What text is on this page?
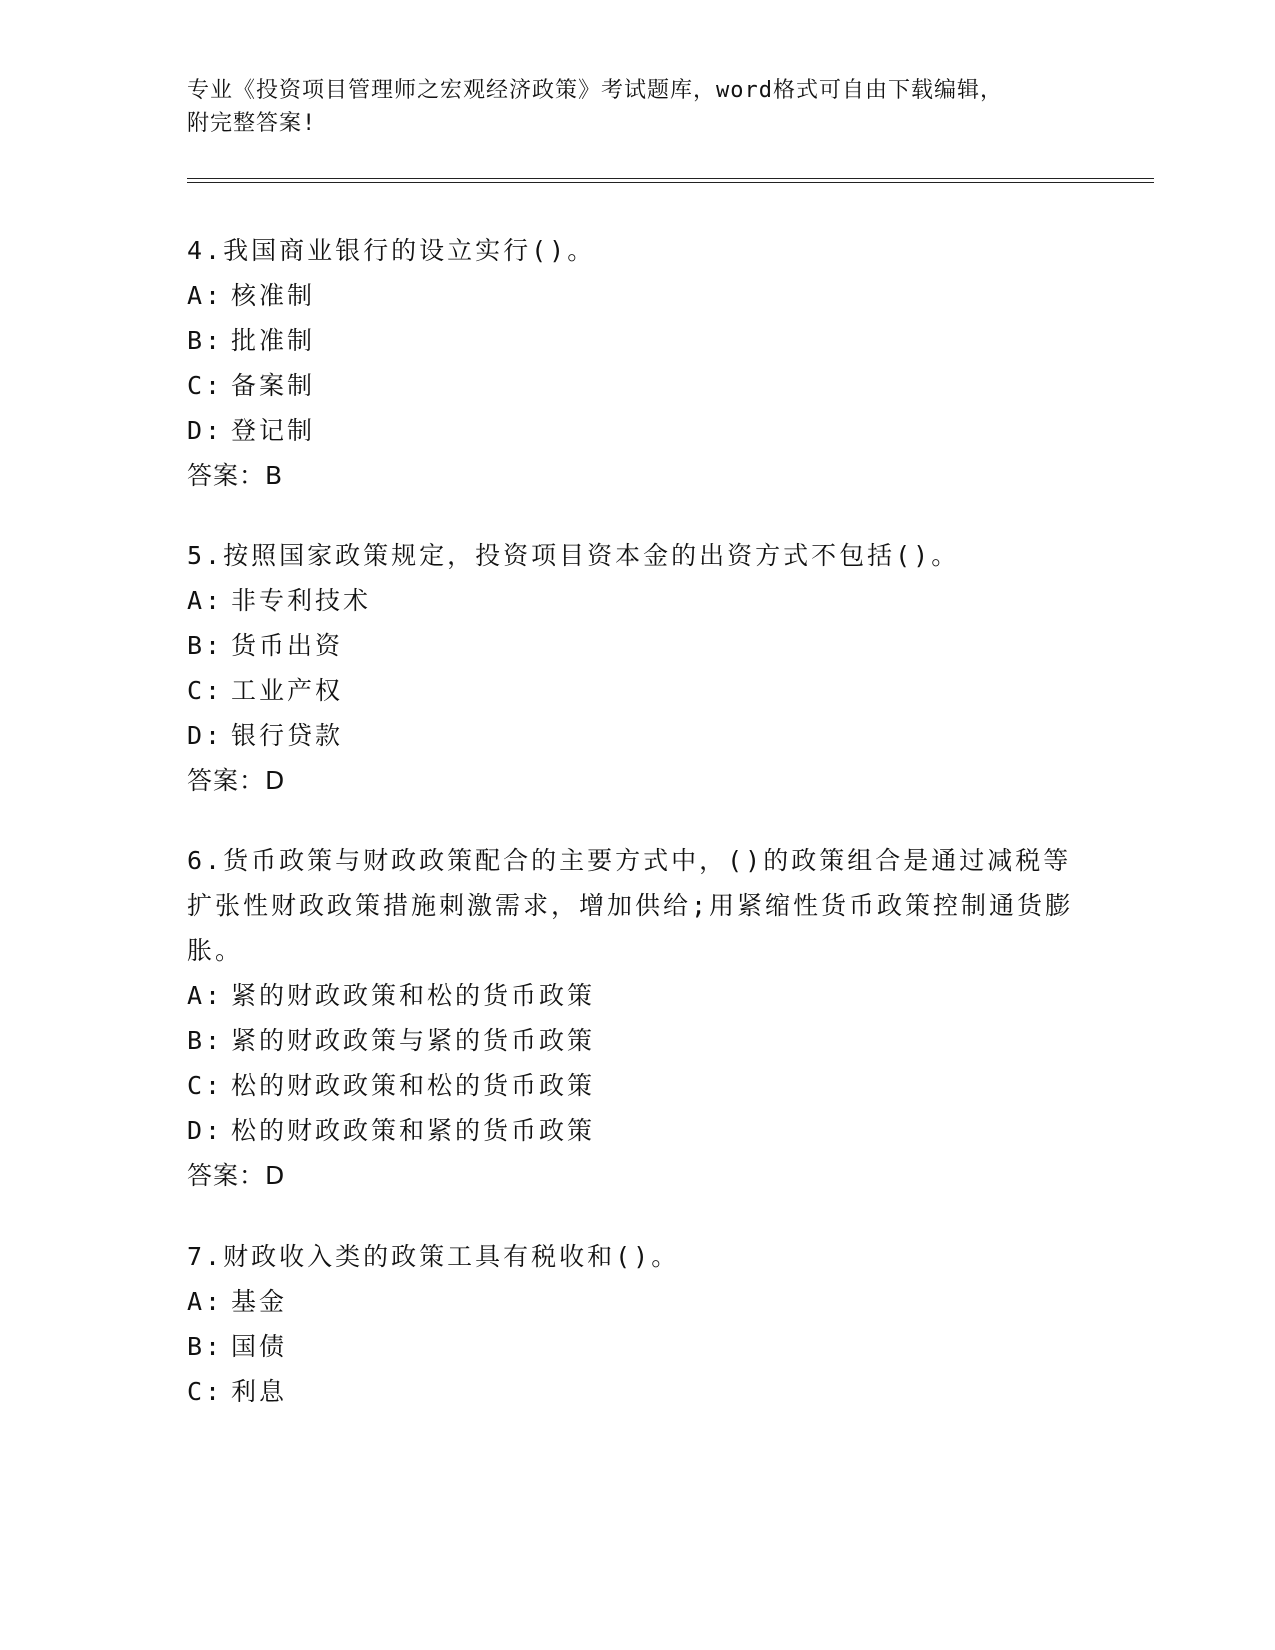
专业《投资项目管理师之宏观经济政策》考试题库，word格式可自由下载编辑，
附完整答案!
4.我国商业银行的设立实行()。
A: 核准制
B: 批准制
C: 备案制
D: 登记制
答案：B
5.按照国家政策规定，投资项目资本金的出资方式不包括()。
A: 非专利技术
B: 货币出资
C: 工业产权
D: 银行贷款
答案：D
6.货币政策与财政政策配合的主要方式中，()的政策组合是通过减税等扩张性财政政策措施刺激需求，增加供给;用紧缩性货币政策控制通货膨胀。
A: 紧的财政政策和松的货币政策
B: 紧的财政政策与紧的货币政策
C: 松的财政政策和松的货币政策
D: 松的财政政策和紧的货币政策
答案：D
7.财政收入类的政策工具有税收和()。
A: 基金
B: 国债
C: 利息
